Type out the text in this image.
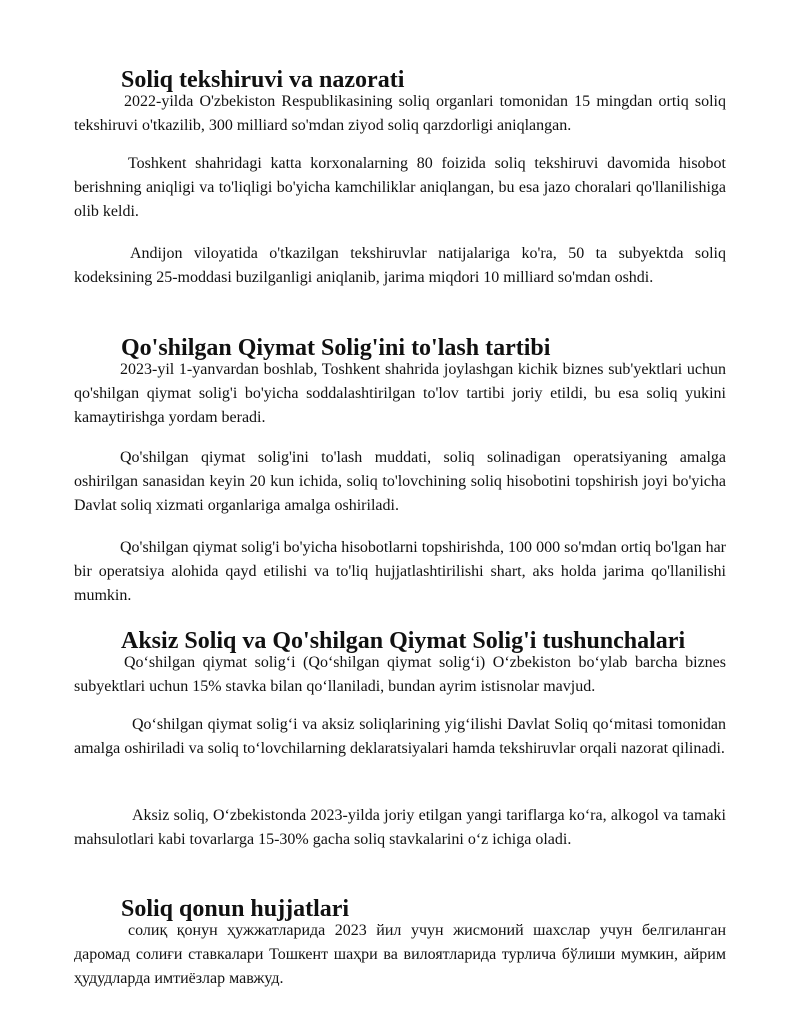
Soliq tekshiruvi va nazorati

2022-yilda O'zbekiston Respublikasining soliq organlari tomonidan 15 mingdan ortiq soliq tekshiruvi o'tkazilib, 300 milliard so'mdan ziyod soliq qarzdorligi aniqlangan.

Toshkent shahridagi katta korxonalarning 80 foizida soliq tekshiruvi davomida hisobot berishning aniqligi va to'liqligi bo'yicha kamchiliklar aniqlangan, bu esa jazo choralari qo'llanilishiga olib keldi.

Andijon viloyatida o'tkazilgan tekshiruvlar natijalariga ko'ra, 50 ta subyektda soliq kodeksining 25-moddasi buzilganligi aniqlanib, jarima miqdori 10 milliard so'mdan oshdi.

Qo'shilgan Qiymat Solig'ini to'lash tartibi

2023-yil 1-yanvardan boshlab, Toshkent shahrida joylashgan kichik biznes sub'yektlari uchun qo'shilgan qiymat solig'i bo'yicha soddalashtirilgan to'lov tartibi joriy etildi, bu esa soliq yukini kamaytirishga yordam beradi.

Qo'shilgan qiymat solig'ini to'lash muddati, soliq solinadigan operatsiyaning amalga oshirilgan sanasidan keyin 20 kun ichida, soliq to'lovchining soliq hisobotini topshirish joyi bo'yicha Davlat soliq xizmati organlariga amalga oshiriladi.

Qo'shilgan qiymat solig'i bo'yicha hisobotlarni topshirishda, 100 000 so'mdan ortiq bo'lgan har bir operatsiya alohida qayd etilishi va to'liq hujjatlashtirilishi shart, aks holda jarima qo'llanilishi mumkin.

Aksiz Soliq va Qo'shilgan Qiymat Solig'i tushunchalari

Qoʻshilgan qiymat soligʻi (Qoʻshilgan qiymat soligʻi) Oʻzbekiston boʻylab barcha biznes subyektlari uchun 15% stavka bilan qoʻllaniladi, bundan ayrim istisnolar mavjud.

Qoʻshilgan qiymat soligʻi va aksiz soliqlarining yigʻilishi Davlat Soliq qoʻmitasi tomonidan amalga oshiriladi va soliq toʻlovchilarning deklaratsiyalari hamda tekshiruvlar orqali nazorat qilinadi.

Aksiz soliq, Oʻzbekistonda 2023-yilda joriy etilgan yangi tariflarga koʻra, alkogol va tamaki mahsulotlari kabi tovarlarga 15-30% gacha soliq stavkalarini oʻz ichiga oladi.

Soliq qonun hujjatlari

солиқ қонун ҳужжатларида 2023 йил учун жисмоний шахслар учун белгиланган даромад солиғи ставкалари Тошкент шаҳри ва вилоятларида турлича бўлиши мумкин, айрим ҳудудларда имтиёзлар мавжуд.
